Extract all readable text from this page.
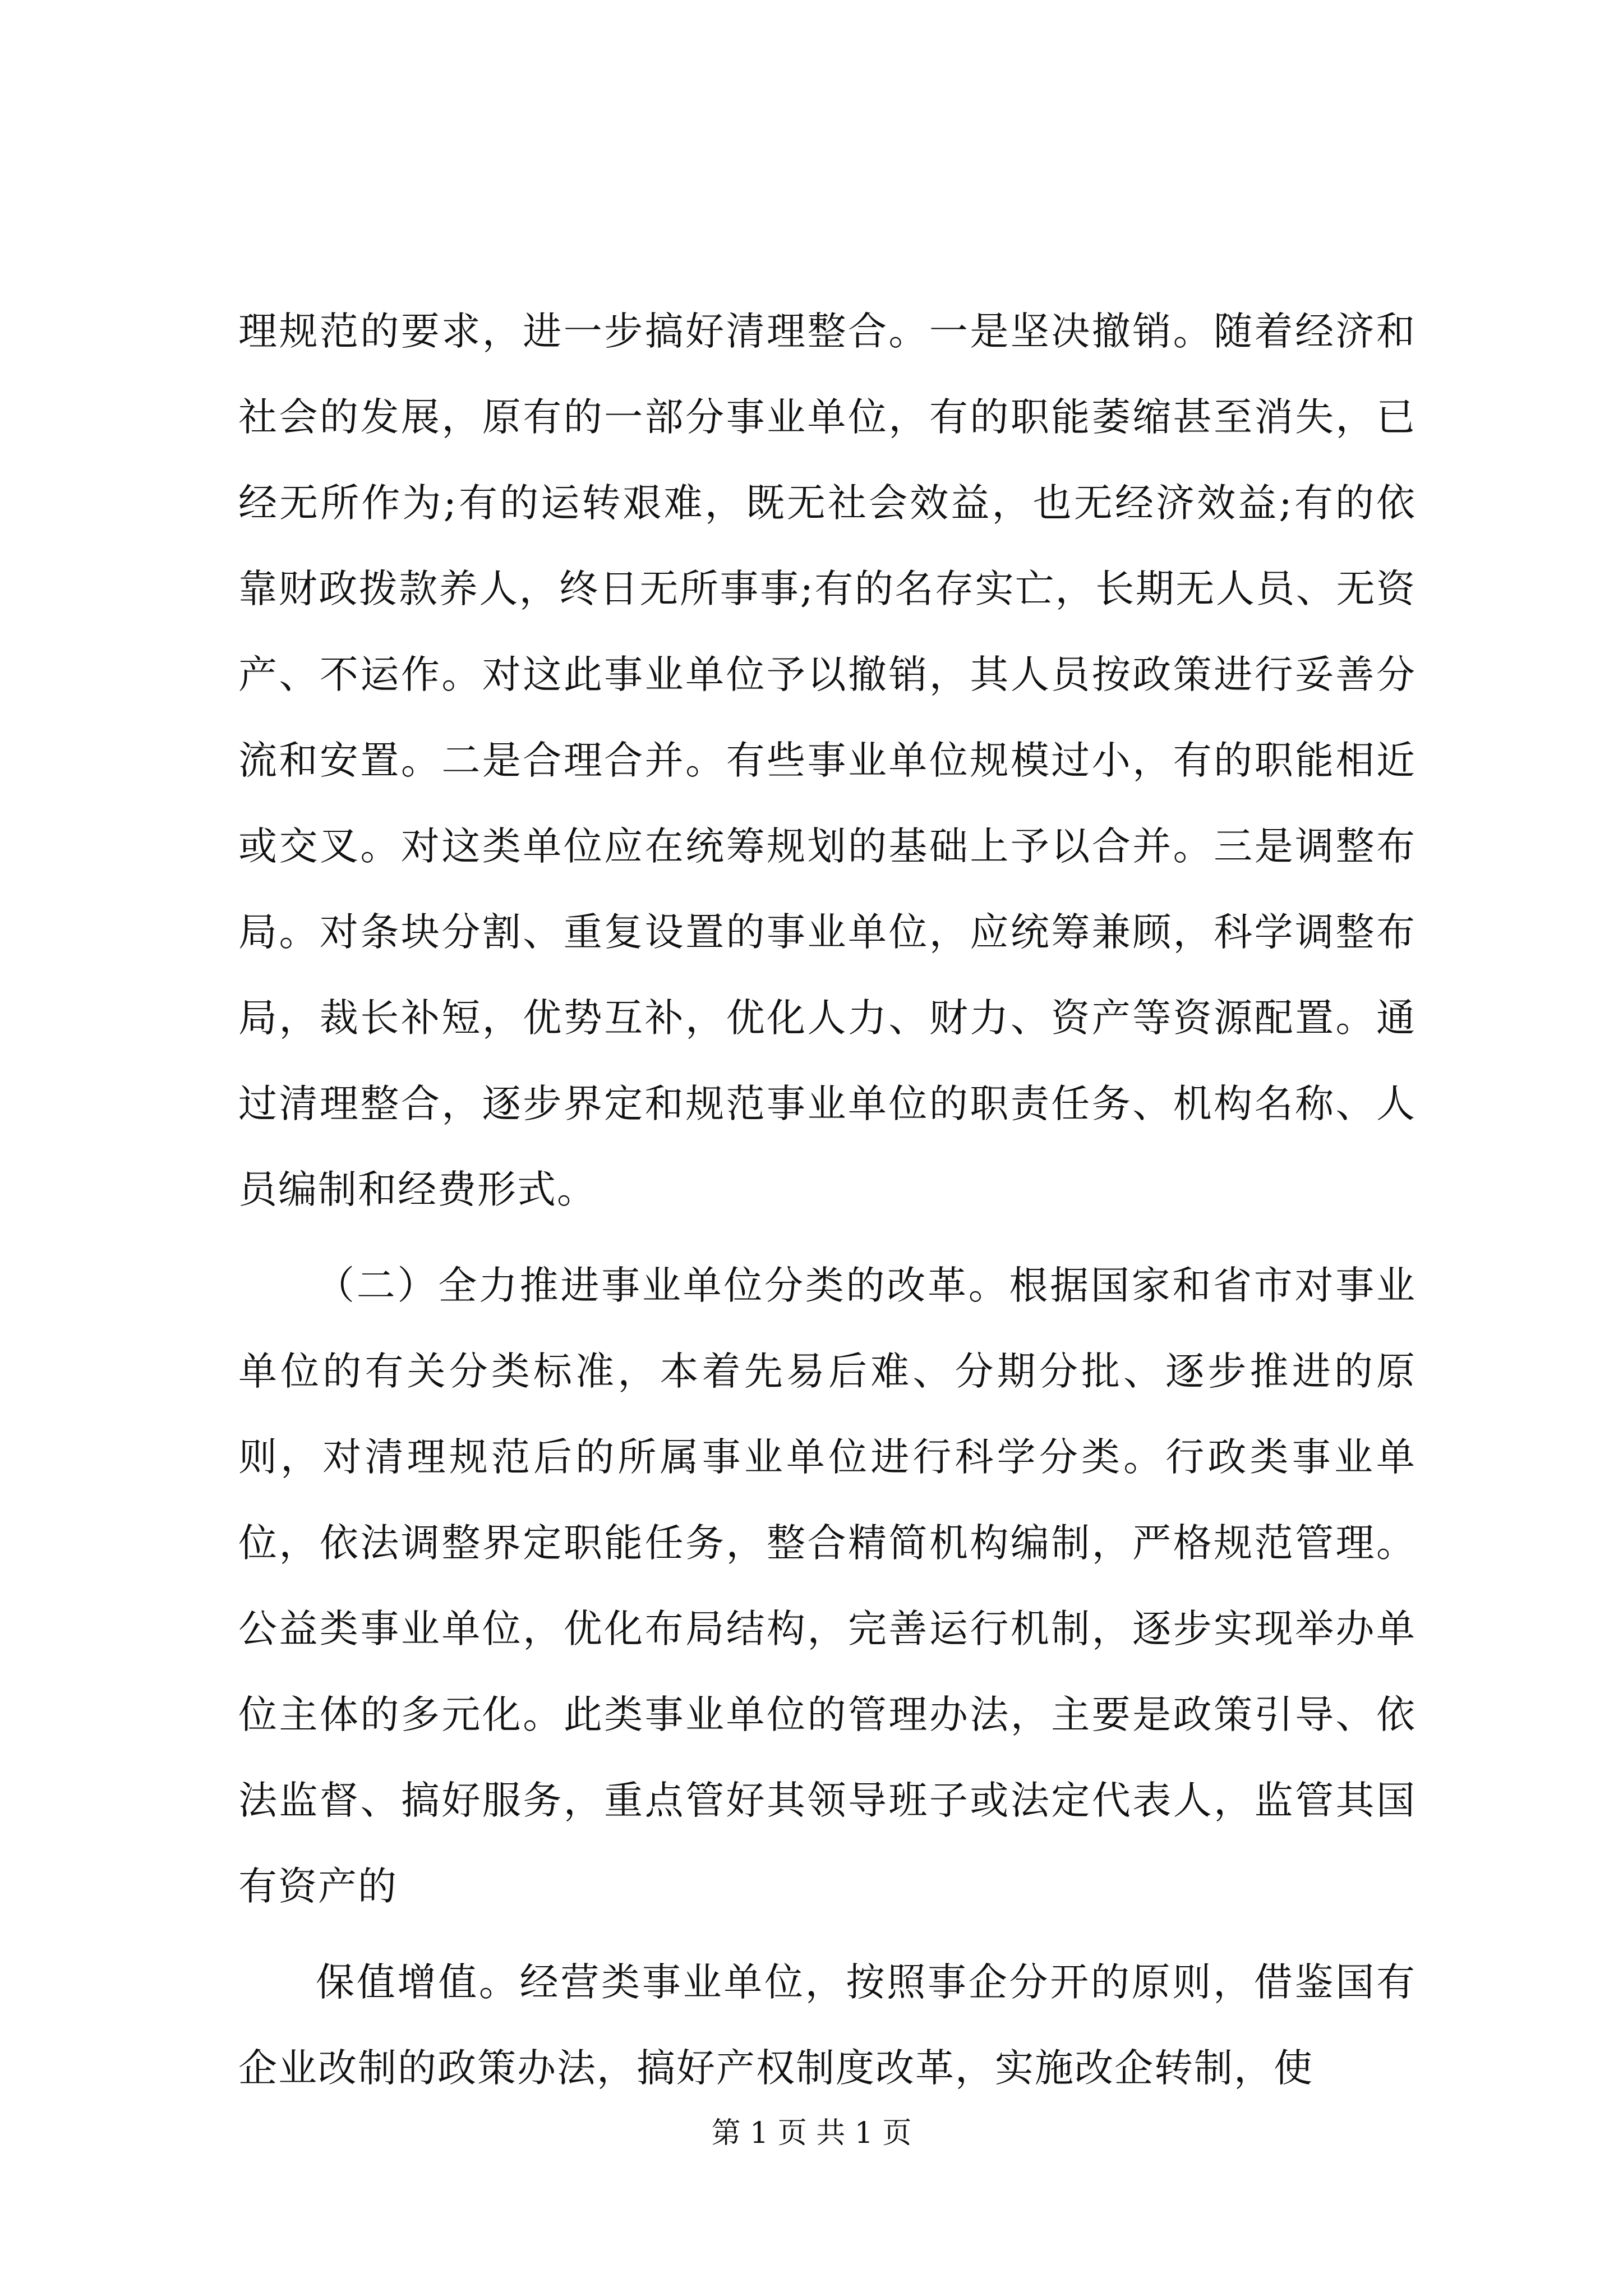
理规范的要求，进一步搞好清理整合。一是坚决撤销。随着经济和社会的发展，原有的一部分事业单位，有的职能萎缩甚至消失，已经无所作为;有的运转艰难，既无社会效益，也无经济效益;有的依靠财政拨款养人，终日无所事事;有的名存实亡，长期无人员、无资产、不运作。对这此事业单位予以撤销，其人员按政策进行妥善分流和安置。二是合理合并。有些事业单位规模过小，有的职能相近或交叉。对这类单位应在统筹规划的基础上予以合并。三是调整布局。对条块分割、重复设置的事业单位，应统筹兼顾，科学调整布局，裁长补短，优势互补，优化人力、财力、资产等资源配置。通过清理整合，逐步界定和规范事业单位的职责任务、机构名称、人员编制和经费形式。

（二）全力推进事业单位分类的改革。根据国家和省市对事业单位的有关分类标准，本着先易后难、分期分批、逐步推进的原则，对清理规范后的所属事业单位进行科学分类。行政类事业单位，依法调整界定职能任务，整合精简机构编制，严格规范管理。公益类事业单位，优化布局结构，完善运行机制，逐步实现举办单位主体的多元化。此类事业单位的管理办法，主要是政策引导、依法监督、搞好服务，重点管好其领导班子或法定代表人，监管其国有资产的

保值增值。经营类事业单位，按照事企分开的原则，借鉴国有企业改制的政策办法，搞好产权制度改革，实施改企转制，使

第 1 页 共 1 页
